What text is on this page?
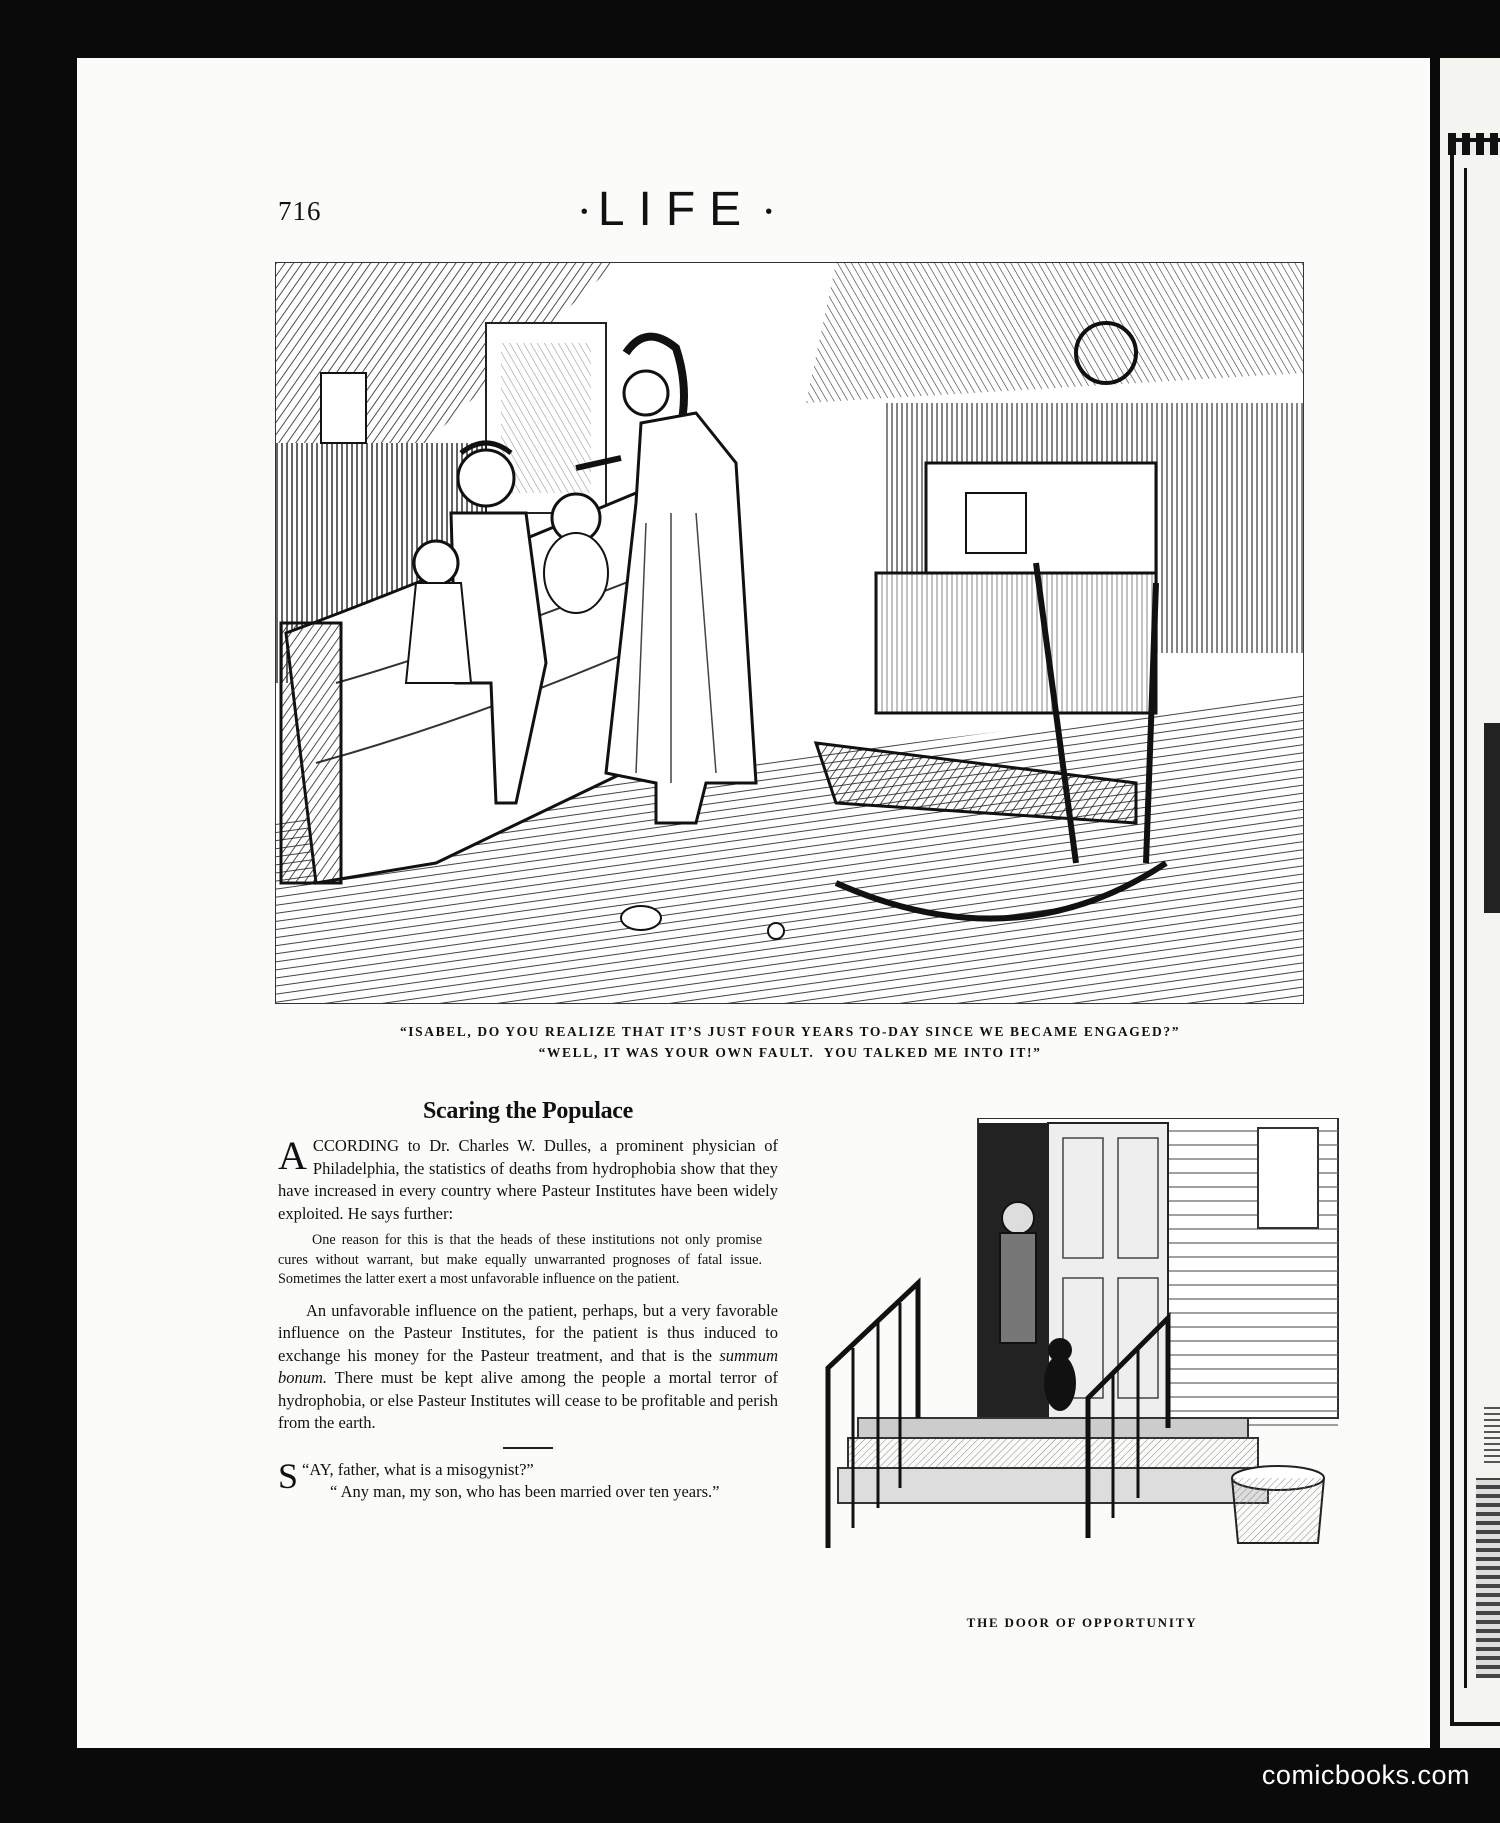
716	• LIFE •
“ISABEL, DO YOU REALIZE THAT IT’S JUST FOUR YEARS TO-DAY SINCE WE BECAME ENGAGED?”
“WELL, IT WAS YOUR OWN FAULT.  YOU TALKED ME INTO IT!”
Scaring the Populace

ACCORDING to Dr. Charles W. Dulles, a prominent physician of Philadelphia, the statistics of deaths from hydrophobia show that they have increased in every country where Pasteur Institutes have been widely exploited. He says further:

One reason for this is that the heads of these institutions not only promise cures without warrant, but make equally unwarranted prognoses of fatal issue. Sometimes the latter exert a most unfavorable influence on the patient.

An unfavorable influence on the patient, perhaps, but a very favorable influence on the Pasteur Institutes, for the patient is thus induced to exchange his money for the Pasteur treatment, and that is the summum bonum. There must be kept alive among the people a mortal terror of hydrophobia, or else Pasteur Institutes will cease to be profitable and perish from the earth.

“
S AY, father, what is a misogynist?”

“ Any man, my son, who has been married over ten years.”

THE DOOR OF OPPORTUNITY
comicbooks.com
